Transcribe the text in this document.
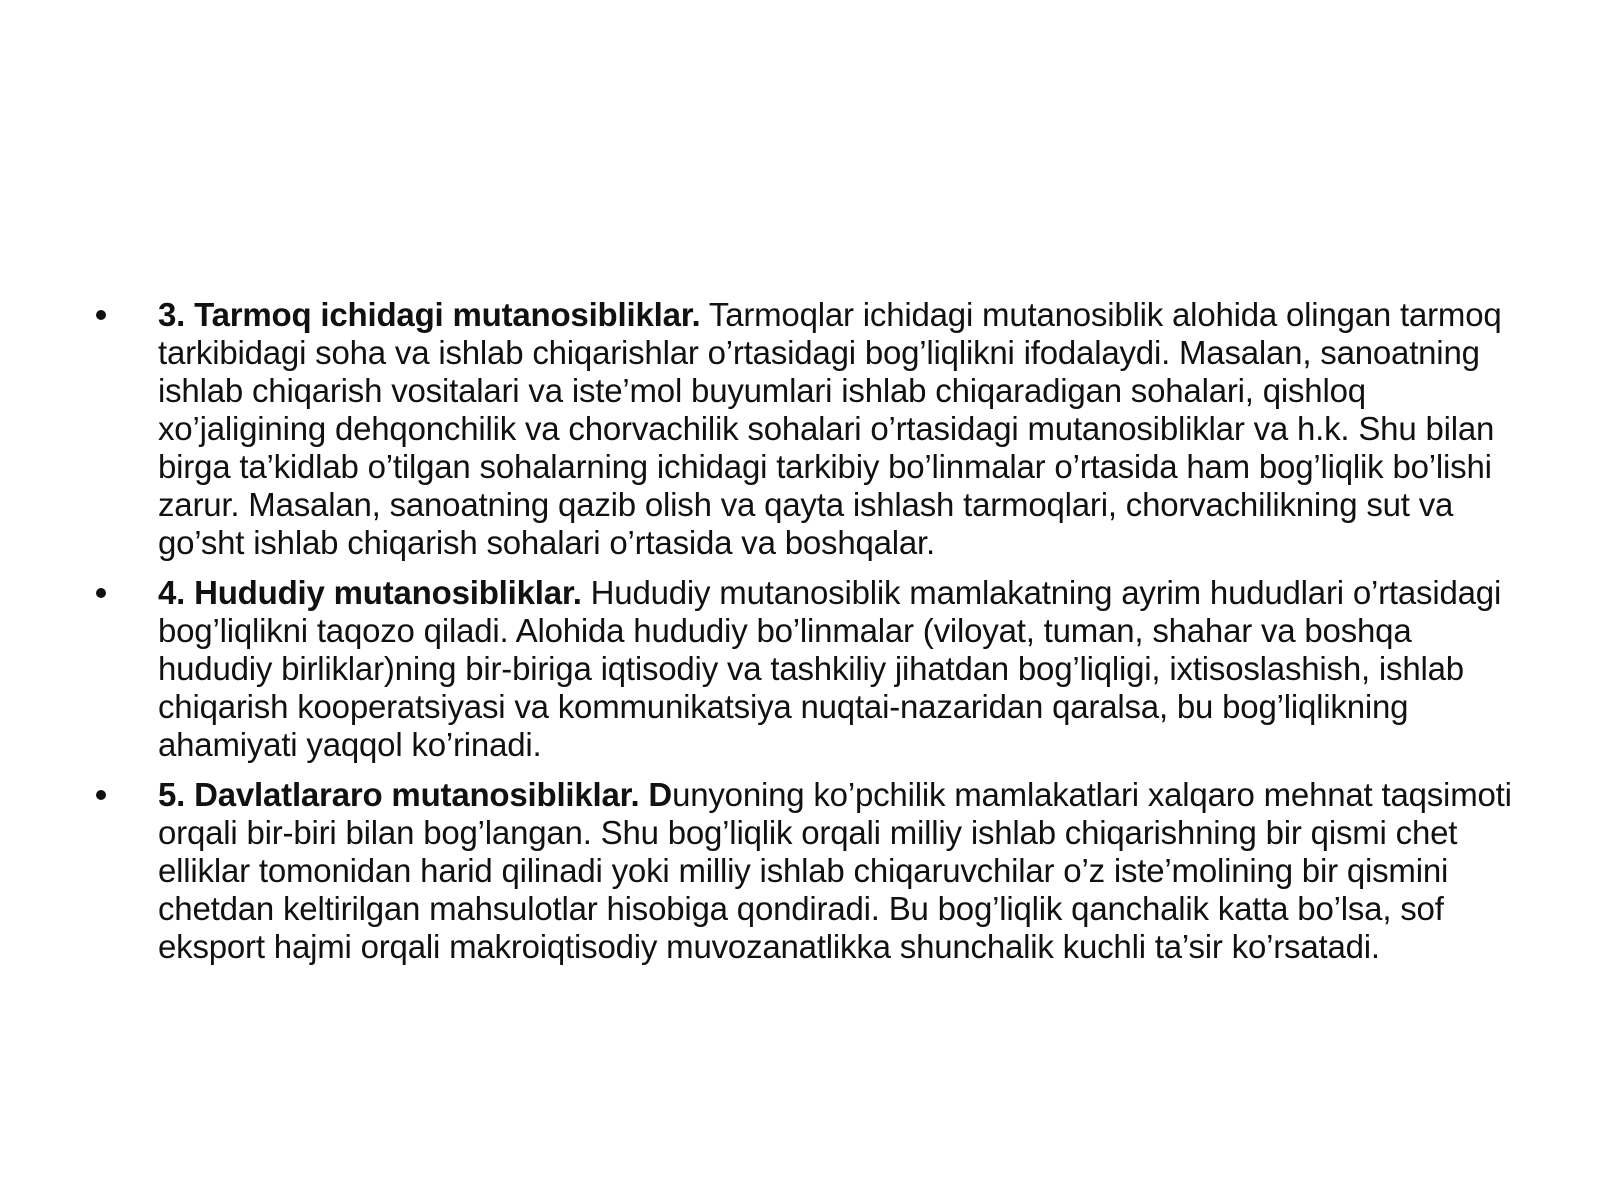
3. Tarmoq ichidagi mutanosibliklar. Tarmoqlar ichidagi mutanosiblik alohida olingan tarmoq tarkibidagi soha va ishlab chiqarishlar o’rtasidagi bog’liqlikni ifodalaydi. Masalan, sanoatning ishlab chiqarish vositalari va iste’mol buyumlari ishlab chiqaradigan sohalari, qishloq xo’jaligining dehqonchilik va chorvachilik sohalari o’rtasidagi mutanosibliklar va h.k. Shu bilan birga ta’kidlab o’tilgan sohalarning ichidagi tarkibiy bo’linmalar o’rtasida ham bog’liqlik bo’lishi zarur. Masalan, sanoatning qazib olish va qayta ishlash tarmoqlari, chorvachilikning sut va go’sht ishlab chiqarish sohalari o’rtasida va boshqalar.
4. Hududiy mutanosibliklar. Hududiy mutanosiblik mamlakatning ayrim hududlari o’rtasidagi bog’liqlikni taqozo qiladi. Alohida hududiy bo’linmalar (viloyat, tuman, shahar va boshqa hududiy birliklar)ning bir-biriga iqtisodiy va tashkiliy jihatdan bog’liqligi, ixtisoslashish, ishlab chiqarish kooperatsiyasi va kommunikatsiya nuqtai-nazaridan qaralsa, bu bog’liqlikning ahamiyati yaqqol ko’rinadi.
5. Davlatlararo mutanosibliklar. Dunyoning ko’pchilik mamlakatlari xalqaro mehnat taqsimoti orqali bir-biri bilan bog’langan. Shu bog’liqlik orqali milliy ishlab chiqarishning bir qismi chet elliklar tomonidan harid qilinadi yoki milliy ishlab chiqaruvchilar o’z iste’molining bir qismini chetdan keltirilgan mahsulotlar hisobiga qondiradi. Bu bog’liqlik qanchalik katta bo’lsa, sof eksport hajmi orqali makroiqtisodiy muvozanatlikka shunchalik kuchli ta’sir ko’rsatadi.
